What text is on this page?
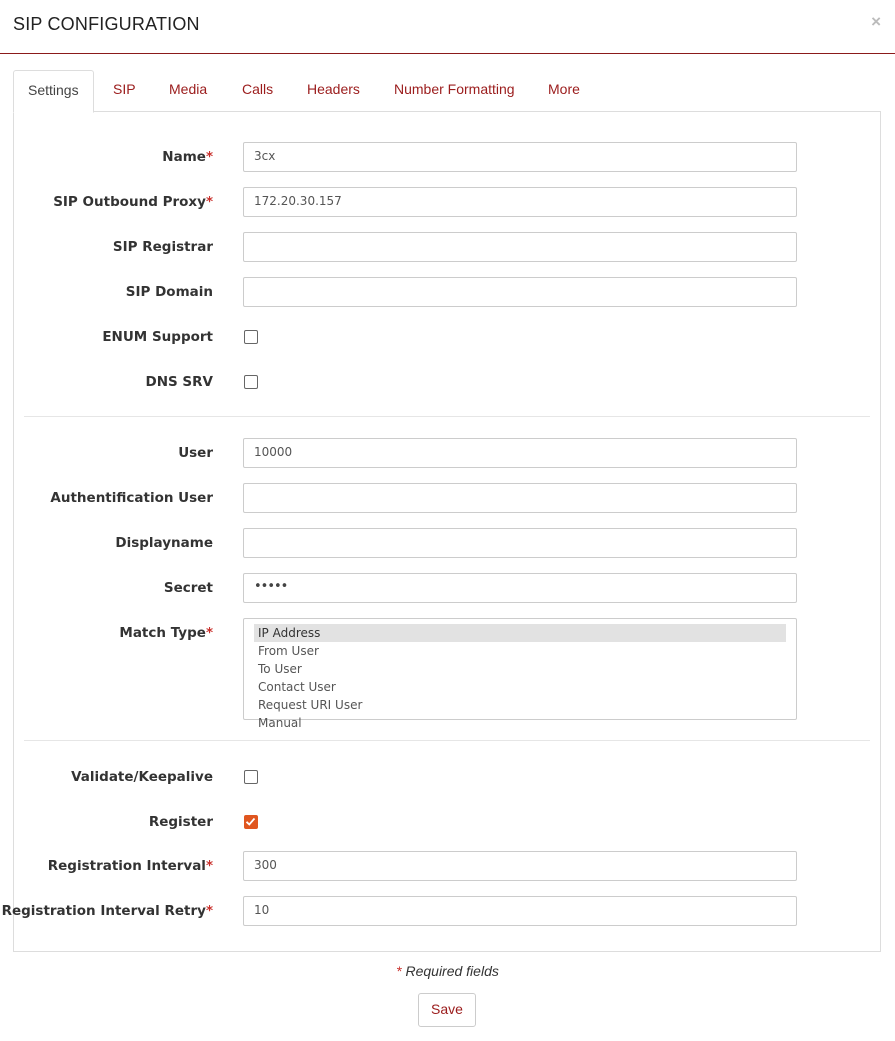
SIP CONFIGURATION	×
Settings	SIP	Media	Calls	Headers	Number Formatting	More
Name*	3cx
SIP Outbound Proxy*	172.20.30.157
SIP Registrar
SIP Domain
ENUM Support
DNS SRV
User	10000
Authentification User
Displayname
Secret	•••••
Match Type*	IP Address
From User
To User
Contact User
Request URI User
Manual
Validate/Keepalive
Register
Registration Interval*	300
Registration Interval Retry*	10
* Required fields
Save
